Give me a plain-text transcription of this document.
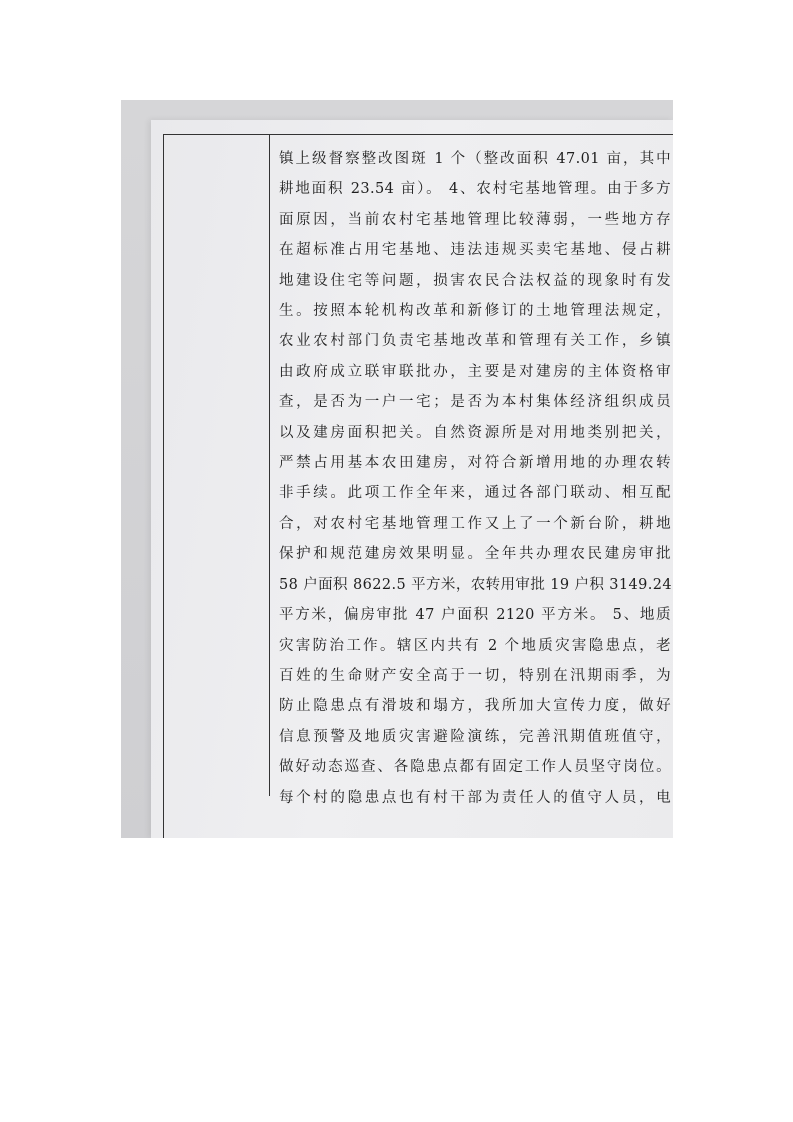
镇上级督察整改图斑 1 个（整改面积 47.01 亩，其中
耕地面积 23.54 亩）。 4、农村宅基地管理。由于多方
面原因，当前农村宅基地管理比较薄弱，一些地方存
在超标准占用宅基地、违法违规买卖宅基地、侵占耕
地建设住宅等问题，损害农民合法权益的现象时有发
生。按照本轮机构改革和新修订的土地管理法规定，
农业农村部门负责宅基地改革和管理有关工作，乡镇
由政府成立联审联批办，主要是对建房的主体资格审
查，是否为一户一宅；是否为本村集体经济组织成员
以及建房面积把关。自然资源所是对用地类别把关，
严禁占用基本农田建房，对符合新增用地的办理农转
非手续。此项工作全年来，通过各部门联动、相互配
合，对农村宅基地管理工作又上了一个新台阶，耕地
保护和规范建房效果明显。全年共办理农民建房审批
58 户面积 8622.5 平方米，农转用审批 19 户积 3149.24
平方米，偏房审批 47 户面积 2120 平方米。 5、地质
灾害防治工作。辖区内共有 2 个地质灾害隐患点，老
百姓的生命财产安全高于一切，特别在汛期雨季，为
防止隐患点有滑坡和塌方，我所加大宣传力度，做好
信息预警及地质灾害避险演练，完善汛期值班值守，
做好动态巡查、各隐患点都有固定工作人员坚守岗位。
每个村的隐患点也有村干部为责任人的值守人员，电
